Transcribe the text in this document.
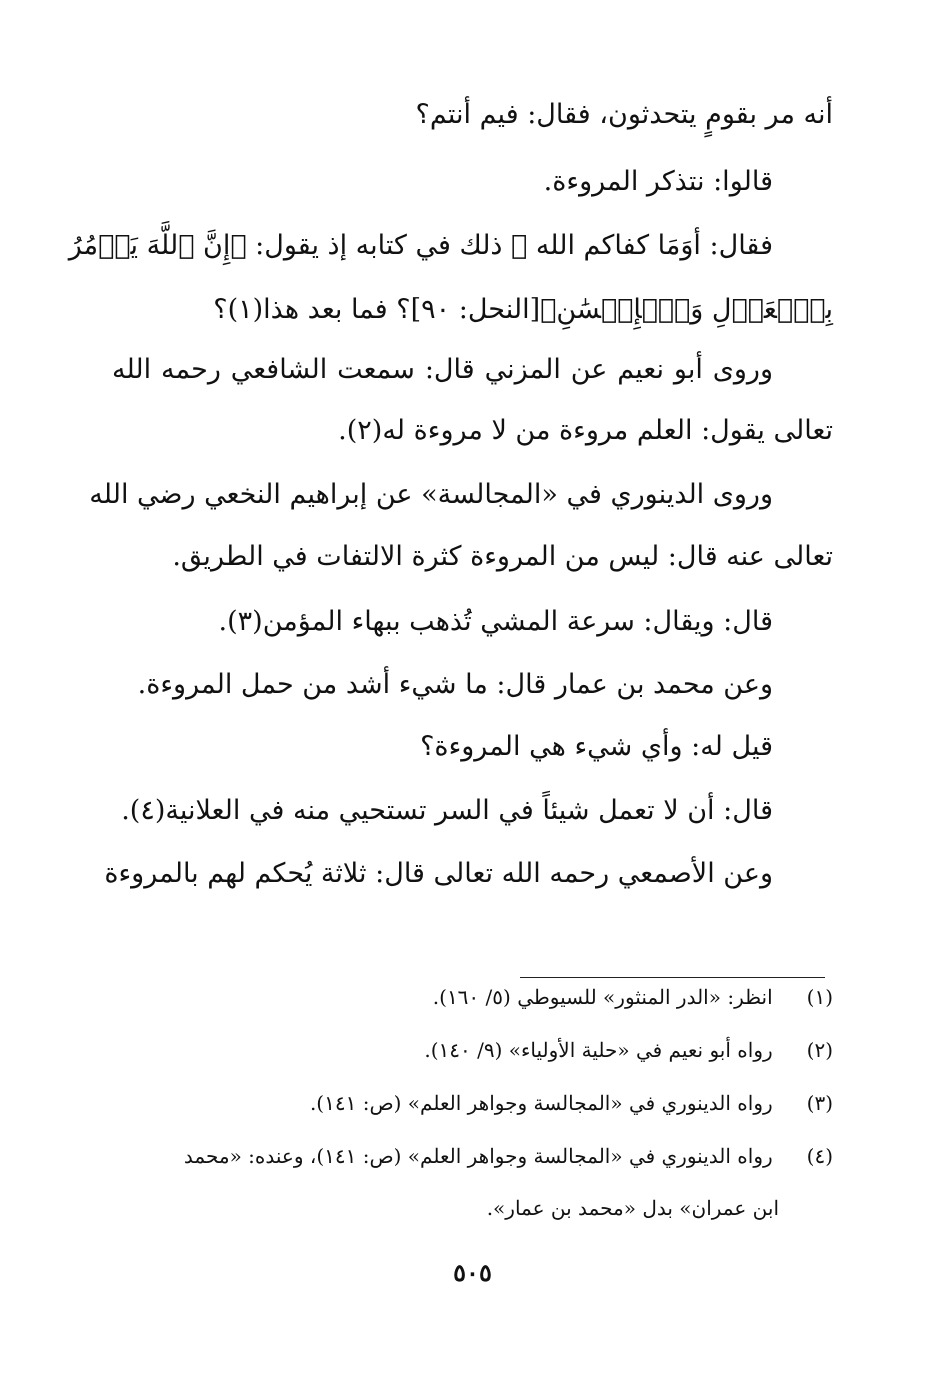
أنه مر بقومٍ يتحدثون، فقال: فيم أنتم؟
قالوا: نتذكر المروءة.
فقال: أوَمَا كفاكم الله ﷻ ذلك في كتابه إذ يقول: ﴿إِنَّ ٱللَّهَ يَأۡمُرُ
بِٱلۡعَدۡلِ وَٱلۡإِحۡسَٰنِ﴾[النحل: ٩٠]؟ فما بعد هذا(١)؟
وروى أبو نعيم عن المزني قال: سمعت الشافعي رحمه الله
تعالى يقول: العلم مروءة من لا مروءة له(٢).
وروى الدينوري في «المجالسة» عن إبراهيم النخعي رضي الله
تعالى عنه قال: ليس من المروءة كثرة الالتفات في الطريق.
قال: ويقال: سرعة المشي تُذهب ببهاء المؤمن(٣).
وعن محمد بن عمار قال: ما شيء أشد من حمل المروءة.
قيل له: وأي شيء هي المروءة؟
قال: أن لا تعمل شيئاً في السر تستحيي منه في العلانية(٤).
وعن الأصمعي رحمه الله تعالى قال: ثلاثة يُحكم لهم بالمروءة
(١) انظر: «الدر المنثور» للسيوطي (٥/ ١٦٠).
(٢) رواه أبو نعيم في «حلية الأولياء» (٩/ ١٤٠).
(٣) رواه الدينوري في «المجالسة وجواهر العلم» (ص: ١٤١).
(٤) رواه الدينوري في «المجالسة وجواهر العلم» (ص: ١٤١)، وعنده: «محمد
ابن عمران» بدل «محمد بن عمار».
٥٠٥
